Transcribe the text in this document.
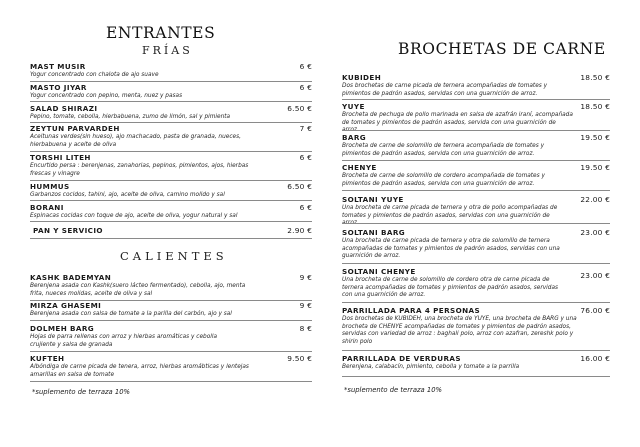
ENTRANTES
FRÍAS
MAST MUSIR	6 €
Yogur concentrado con chalota de ajo suave
MASTO JIYAR	6 €
Yogur concentrado con pepino, menta, nuez y pasas
SALAD SHIRAZI	6.50 €
Pepino, tomate, cebolla, hierbabuena, zumo de limón, sal y pimienta
ZEYTUN PARVARDEH	7 €
Aceitunas verdes(sin hueso), ajo machacado, pasta de granada, nueces, hierbabuena y aceite de oliva
TORSHI LITEH	6 €
Encurtido persa : berenjenas, zanahorias, pepinos, pimientos, ajos, hierbas frescas y vinagre
HUMMUS	6.50 €
Garbanzos cocidos, tahini, ajo, aceite de oliva, camino molido y sal
BORANI	6 €
Espinacas cocidas con toque de ajo, aceite de oliva, yogur natural y sal
PAN Y SERVICIO	2.90 €
CALIENTES
KASHK BADEMYAN	9 €
Berenjena asada con Kashk(suero lácteo fermentado), cebolla, ajo, menta frita, nueces molidas, aceite de oliva y sal
MIRZA GHASEMI	9 €
Berenjena asada con salsa de tomate a la parilla del carbón, ajo y sal
DOLMEH BARG	8 €
Hojas de parra rellenas con arroz y hierbas aromáticas y cebolla crujiente y salsa de granada
KUFTEH	9.50 €
Albóndiga de carne picada de tenera, arroz, hierbas aromábticas y lentejas amarillas en salsa de tomate
*suplemento de terraza 10%
BROCHETAS DE CARNE
KUBIDEH	18.50 €
Dos brochetas de carne picada de ternera acompañadas de tomates y pimientos de padrón asados, servidas con una guarnición de arroz.
YUYE	18.50 €
Brocheta de pechuga de pollo marinada en salsa de azafrán iraní, acompañada de tomates y pimientos de padrón asados, servida con una guarnición de arroz.
BARG	19.50 €
Brocheta de carne de solomillo de ternera acompañada de tomates y pimientos de padrón asados, servida con una guarnición de arroz.
CHENYE	19.50 €
Brocheta de carne de solomillo de cordero acompañada de tomates y pimientos de padrón asados, servida con una guarnición de arroz.
SOLTANI YUYE	22.00 €
Una brocheta de carne picada de ternera y otra de pollo acompañadas de tomates y pimientos de padrón asados, servidas con una guarnición de arroz.
SOLTANI BARG	23.00 €
Una brocheta de carne picada de ternera y otra de solomillo de ternera acompañadas de tomates y pimientos de padrón asados, servidas con una guarnición de arroz.
SOLTANI CHENYE	23.00 €
Una brocheta de carne de solomillo de cordero otra de carne picada de ternera acompañadas de tomates y pimientos de padrón asados, servidas con una guarnición de arroz.
PARRILLADA PARA 4 PERSONAS	76.00 €
Dos brochetas de KUBIDEH, una brocheta de YUYE, una brocheta de BARG y una brocheta de CHENYE acompañadas de tomates y pimientos de padrón asados, servidas con variedad de arroz : baghali polo, arroz con azafran, zereshk polo y shirin polo
PARRILLADA DE VERDURAS	16.00 €
Berenjena, calabacín, pimiento, cebolla y tomate a la parrilla
*suplemento de terraza 10%
